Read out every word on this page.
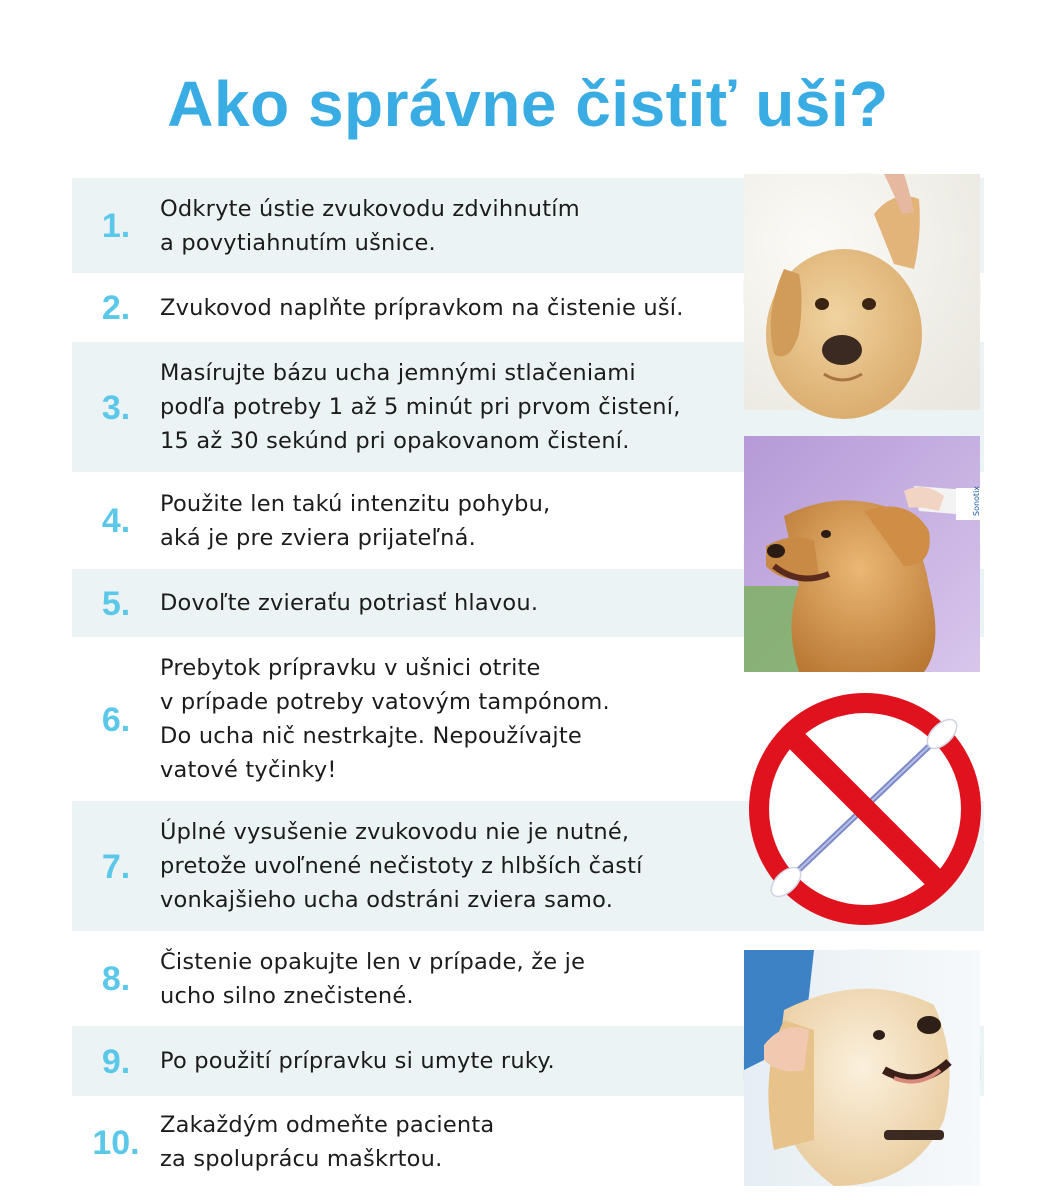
Ako správne čistiť uši?
1.	Odkryte ústie zvukovodu zdvihnutím
a povytiahnutím ušnice.
2.	Zvukovod naplňte prípravkom na čistenie uší.
3.
Masírujte bázu ucha jemnými stlačeniami
podľa potreby 1 až 5 minút pri prvom čistení,
15 až 30 sekúnd pri opakovanom čistení.
4.	Použite len takú intenzitu pohybu,
aká je pre zviera prijateľná.
5.	Dovoľte zvieraťu potriasť hlavou.
6.
Prebytok prípravku v ušnici otrite
v prípade potreby vatovým tampónom.
Do ucha nič nestrkajte. Nepoužívajte
vatové tyčinky!
7.
Úplné vysušenie zvukovodu nie je nutné,
pretože uvoľnené nečistoty z hlbších častí
vonkajšieho ucha odstráni zviera samo.
8.	Čistenie opakujte len v prípade, že je
ucho silno znečistené.
9.	Po použití prípravku si umyte ruky.
10. Zakaždým odmeňte pacienta
za spoluprácu maškrtou.
Sonotix
